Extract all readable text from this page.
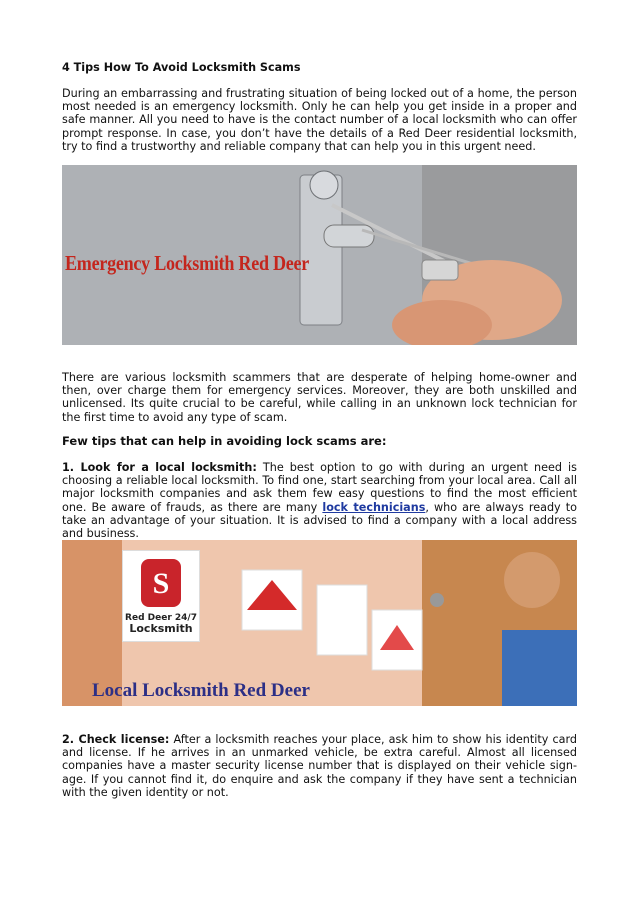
4 Tips How To Avoid Locksmith Scams

During an embarrassing and frustrating situation of being locked out of a home, the person most needed is an emergency locksmith. Only he can help you get inside in a proper and safe manner. All you need to have is the contact number of a local locksmith who can offer prompt response. In case, you don’t have the details of a Red Deer residential locksmith, try to find a trustworthy and reliable company that can help you in this urgent need.

There are various locksmith scammers that are desperate of helping home-owner and then, over charge them for emergency services. Moreover, they are both unskilled and unlicensed. Its quite crucial to be careful, while calling in an unknown lock technician for the first time to avoid any type of scam.

Few tips that can help in avoiding lock scams are:

1. Look for a local locksmith: The best option to go with during an urgent need is choosing a reliable local locksmith. To find one, start searching from your local area. Call all major locksmith companies and ask them few easy questions to find the most efficient one. Be aware of frauds, as there are many lock technicians, who are always ready to take an advantage of your situation. It is advised to find a company with a local address and business.

2. Check license: After a locksmith reaches your place, ask him to show his identity card and license. If he arrives in an unmarked vehicle, be extra careful. Almost all licensed companies have a master security license number that is displayed on their vehicle sign-age. If you cannot find it, do enquire and ask the company if they have sent a technician with the given identity or not.

Emergency Locksmith Red Deer
S
Red Deer 24/7
Locksmith
Local Locksmith Red Deer
